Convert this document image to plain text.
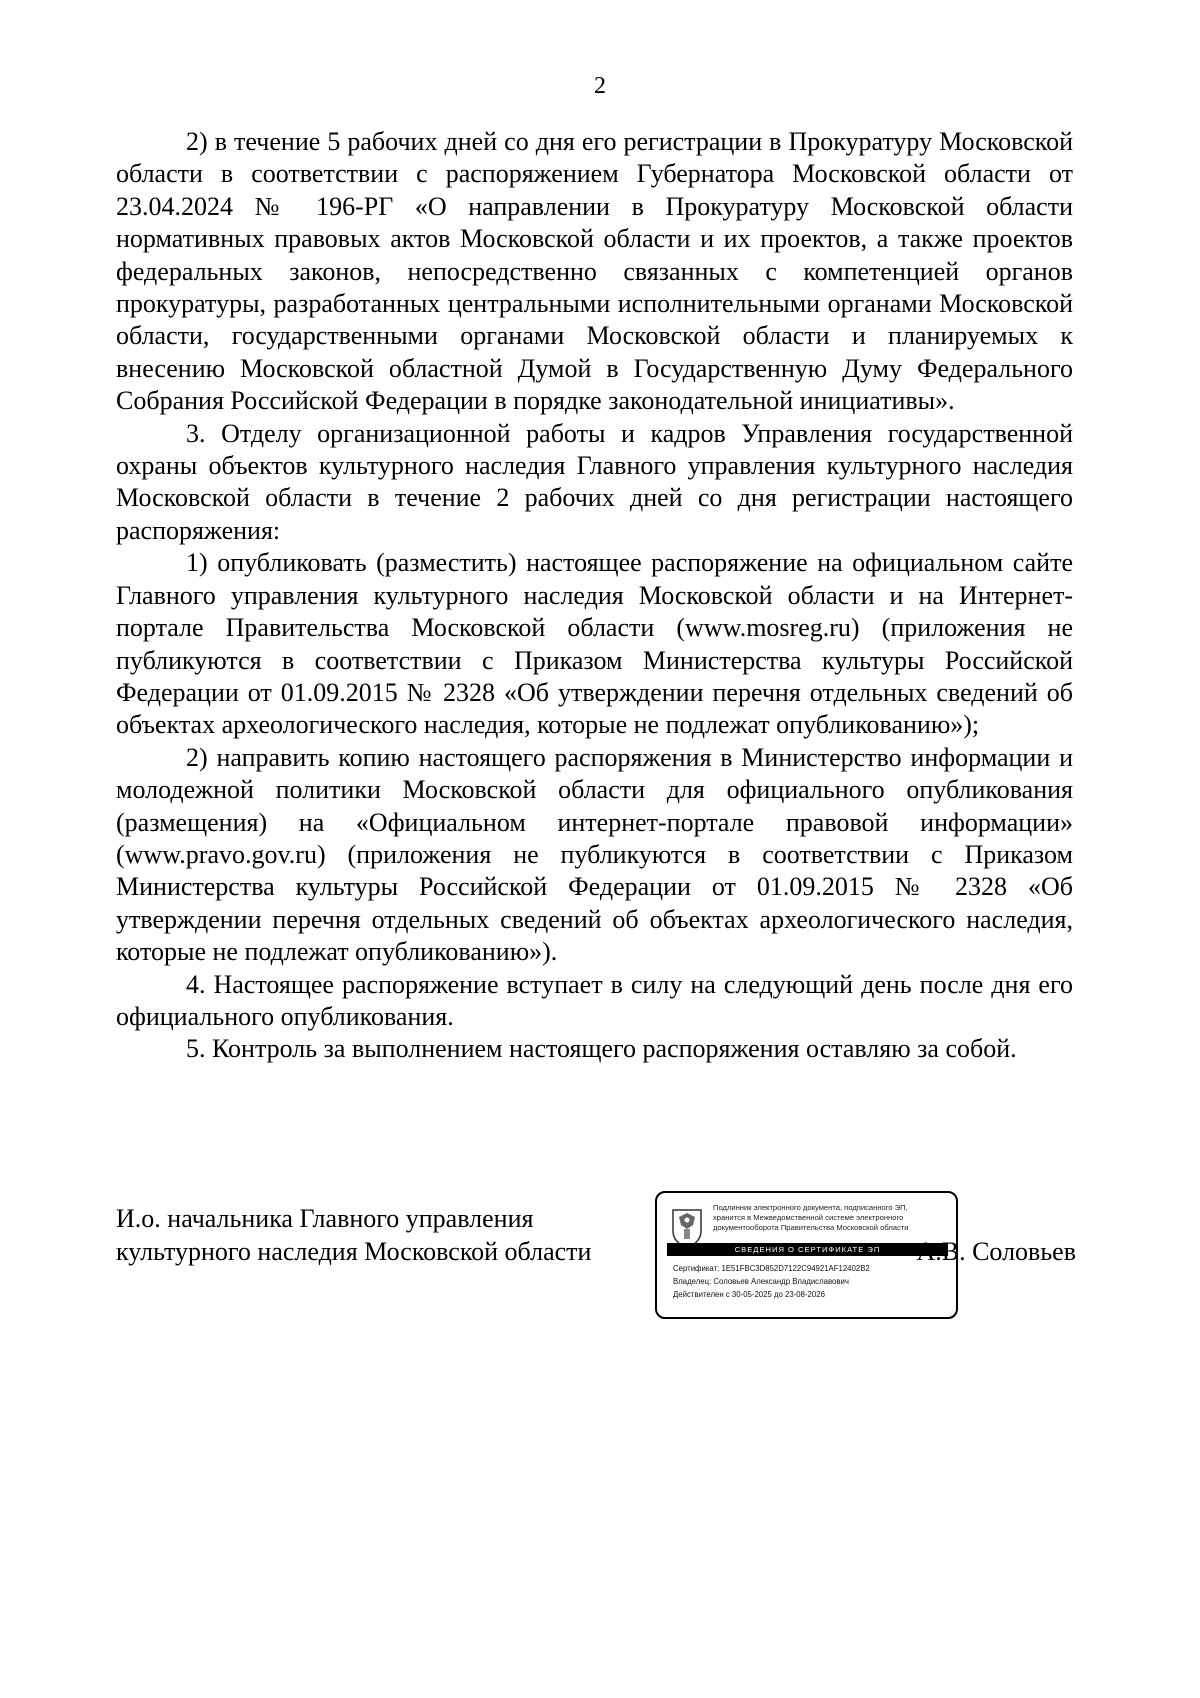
2

2) в течение 5 рабочих дней со дня его регистрации в Прокуратуру Московской области в соответствии с распоряжением Губернатора Московской области от 23.04.2024 № 196-РГ «О направлении в Прокуратуру Московской области нормативных правовых актов Московской области и их проектов, а также проектов федеральных законов, непосредственно связанных с компетенцией органов прокуратуры, разработанных центральными исполнительными органами Московской области, государственными органами Московской области и планируемых к внесению Московской областной Думой в Государственную Думу Федерального Собрания Российской Федерации в порядке законодательной инициативы».

3. Отделу организационной работы и кадров Управления государственной охраны объектов культурного наследия Главного управления культурного наследия Московской области в течение 2 рабочих дней со дня регистрации настоящего распоряжения:

1) опубликовать (разместить) настоящее распоряжение на официальном сайте Главного управления культурного наследия Московской области и на Интернет-портале Правительства Московской области (www.mosreg.ru) (приложения не публикуются в соответствии с Приказом Министерства культуры Российской Федерации от 01.09.2015 № 2328 «Об утверждении перечня отдельных сведений об объектах археологического наследия, которые не подлежат опубликованию»);

2) направить копию настоящего распоряжения в Министерство информации и молодежной политики Московской области для официального опубликования (размещения) на «Официальном интернет-портале правовой информации» (www.pravo.gov.ru) (приложения не публикуются в соответствии с Приказом Министерства культуры Российской Федерации от 01.09.2015 № 2328 «Об утверждении перечня отдельных сведений об объектах археологического наследия, которые не подлежат опубликованию»).

4. Настоящее распоряжение вступает в силу на следующий день после дня его официального опубликования.

5. Контроль за выполнением настоящего распоряжения оставляю за собой.

И.о. начальника Главного управления
культурного наследия Московской области
Подлинник электронного документа, подписанного ЭП,
хранится в Межведомственной системе электронного
документооборота Правительства Московской области
СВЕДЕНИЯ О СЕРТИФИКАТЕ ЭП
Сертификат: 1E51FBC3D852D7122C94921AF12402B2
Владелец: Соловьев Александр Владиславович
Действителен с 30-05-2025 до 23-08-2026
А.В. Соловьев
